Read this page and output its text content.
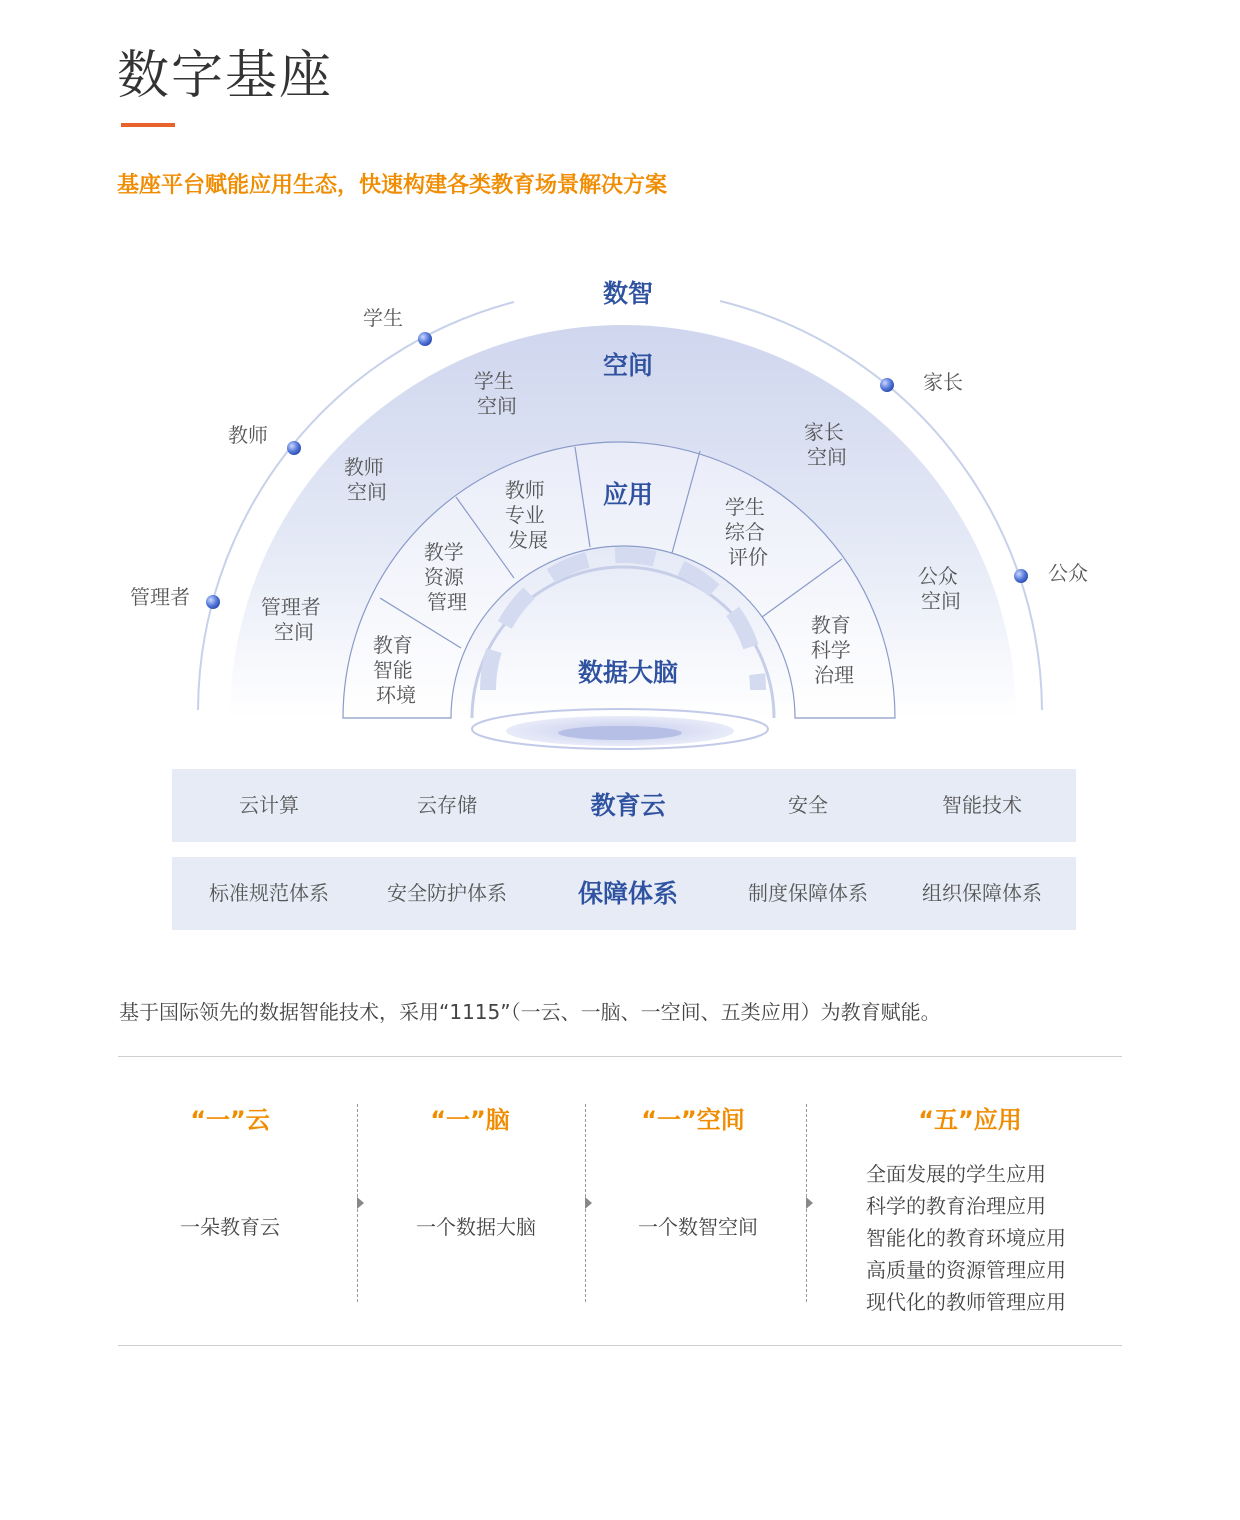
数字基座
基座平台赋能应用生态，快速构建各类教育场景解决方案
数智
空间
应用
数据大脑
学生
教师
管理者
家长
公众
学生 空间
教师 空间
管理者 空间
家长 空间
公众 空间
教育 智能 环境
教学 资源 管理
教师 专业 发展
学生 综合 评价
教育 科学 治理
云计算	云存储	教育云	安全	智能技术
标准规范体系	安全防护体系	保障体系	制度保障体系	组织保障体系
基于国际领先的数据智能技术，采用“1115”（一云、一脑、一空间、五类应用）为教育赋能。
“一”云
一朵教育云
“一”脑
一个数据大脑
“一”空间
一个数智空间
“五”应用
全面发展的学生应用
科学的教育治理应用
智能化的教育环境应用
高质量的资源管理应用
现代化的教师管理应用
